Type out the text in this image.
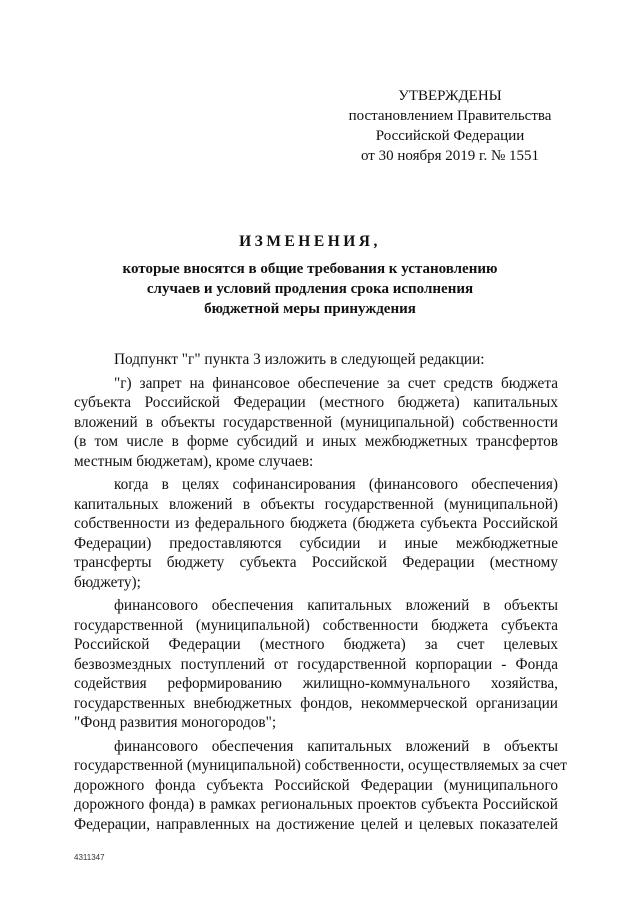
УТВЕРЖДЕНЫ
постановлением Правительства
Российской Федерации
от 30 ноября 2019 г. № 1551
ИЗМЕНЕНИЯ,
которые вносятся в общие требования к установлению
случаев и условий продления срока исполнения
бюджетной меры принуждения
Подпункт "г" пункта 3 изложить в следующей редакции:
"г) запрет на финансовое обеспечение за счет средств бюджета
субъекта Российской Федерации (местного бюджета) капитальных
вложений в объекты государственной (муниципальной) собственности
(в том числе в форме субсидий и иных межбюджетных трансфертов
местным бюджетам), кроме случаев:
когда в целях софинансирования (финансового обеспечения)
капитальных вложений в объекты государственной (муниципальной)
собственности из федерального бюджета (бюджета субъекта Российской
Федерации) предоставляются субсидии и иные межбюджетные
трансферты бюджету субъекта Российской Федерации (местному
бюджету);
финансового обеспечения капитальных вложений в объекты
государственной (муниципальной) собственности бюджета субъекта
Российской Федерации (местного бюджета) за счет целевых
безвозмездных поступлений от государственной корпорации - Фонда
содействия реформированию жилищно-коммунального хозяйства,
государственных внебюджетных фондов, некоммерческой организации
"Фонд развития моногородов";
финансового обеспечения капитальных вложений в объекты
государственной (муниципальной) собственности, осуществляемых за счет
дорожного фонда субъекта Российской Федерации (муниципального
дорожного фонда) в рамках региональных проектов субъекта Российской
Федерации, направленных на достижение целей и целевых показателей
4311347
